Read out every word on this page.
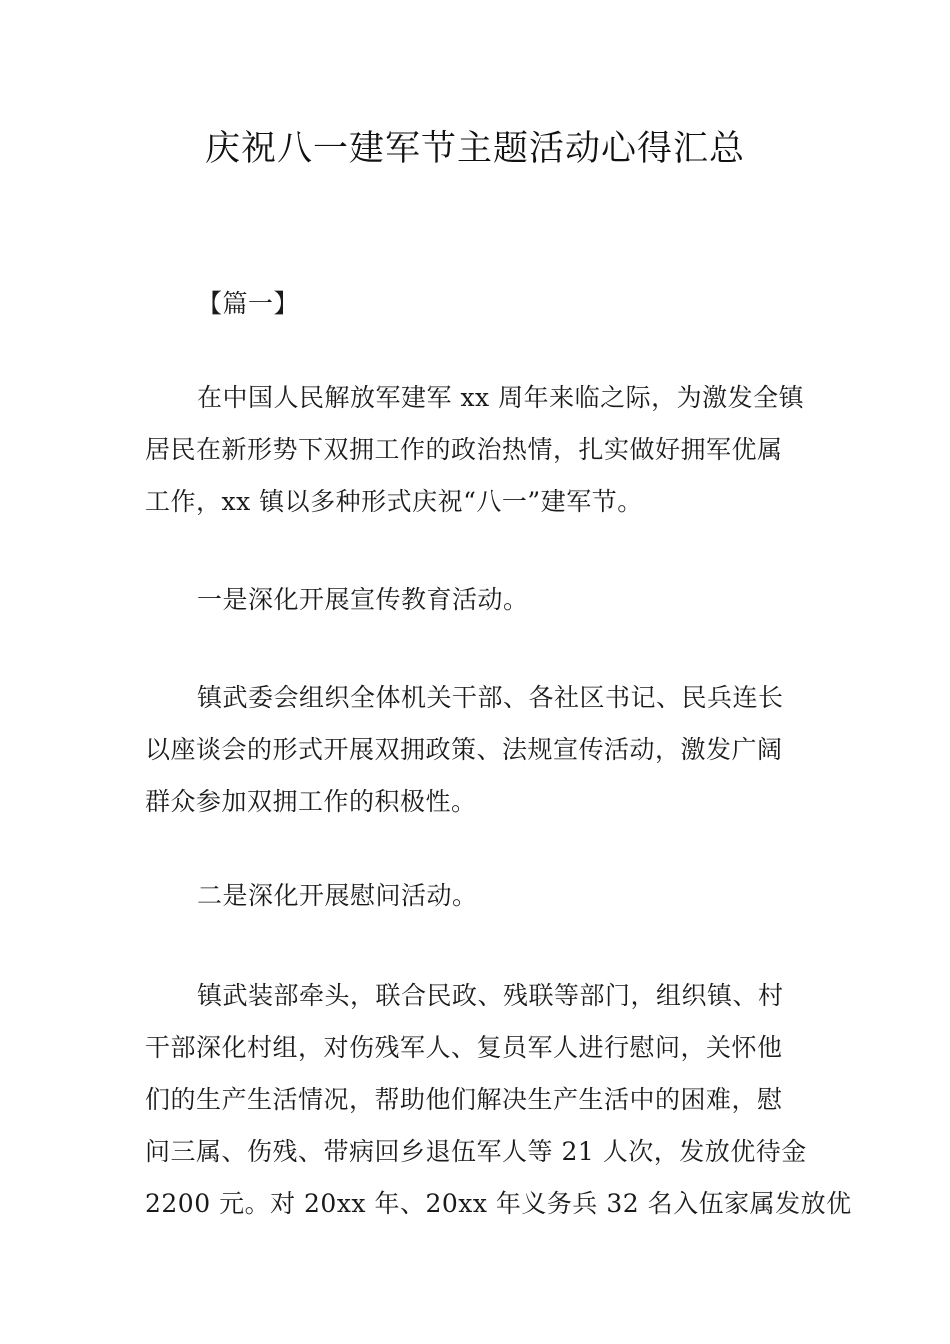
庆祝八一建军节主题活动心得汇总
【篇一】
在中国人民解放军建军 xx 周年来临之际，为激发全镇
居民在新形势下双拥工作的政治热情，扎实做好拥军优属
工作，xx 镇以多种形式庆祝“八一”建军节。
一是深化开展宣传教育活动。
镇武委会组织全体机关干部、各社区书记、民兵连长
以座谈会的形式开展双拥政策、法规宣传活动，激发广阔
群众参加双拥工作的积极性。
二是深化开展慰问活动。
镇武装部牵头，联合民政、残联等部门，组织镇、村
干部深化村组，对伤残军人、复员军人进行慰问，关怀他
们的生产生活情况，帮助他们解决生产生活中的困难，慰
问三属、伤残、带病回乡退伍军人等 21 人次，发放优待金
2200 元。对 20xx 年、20xx 年义务兵 32 名入伍家属发放优
